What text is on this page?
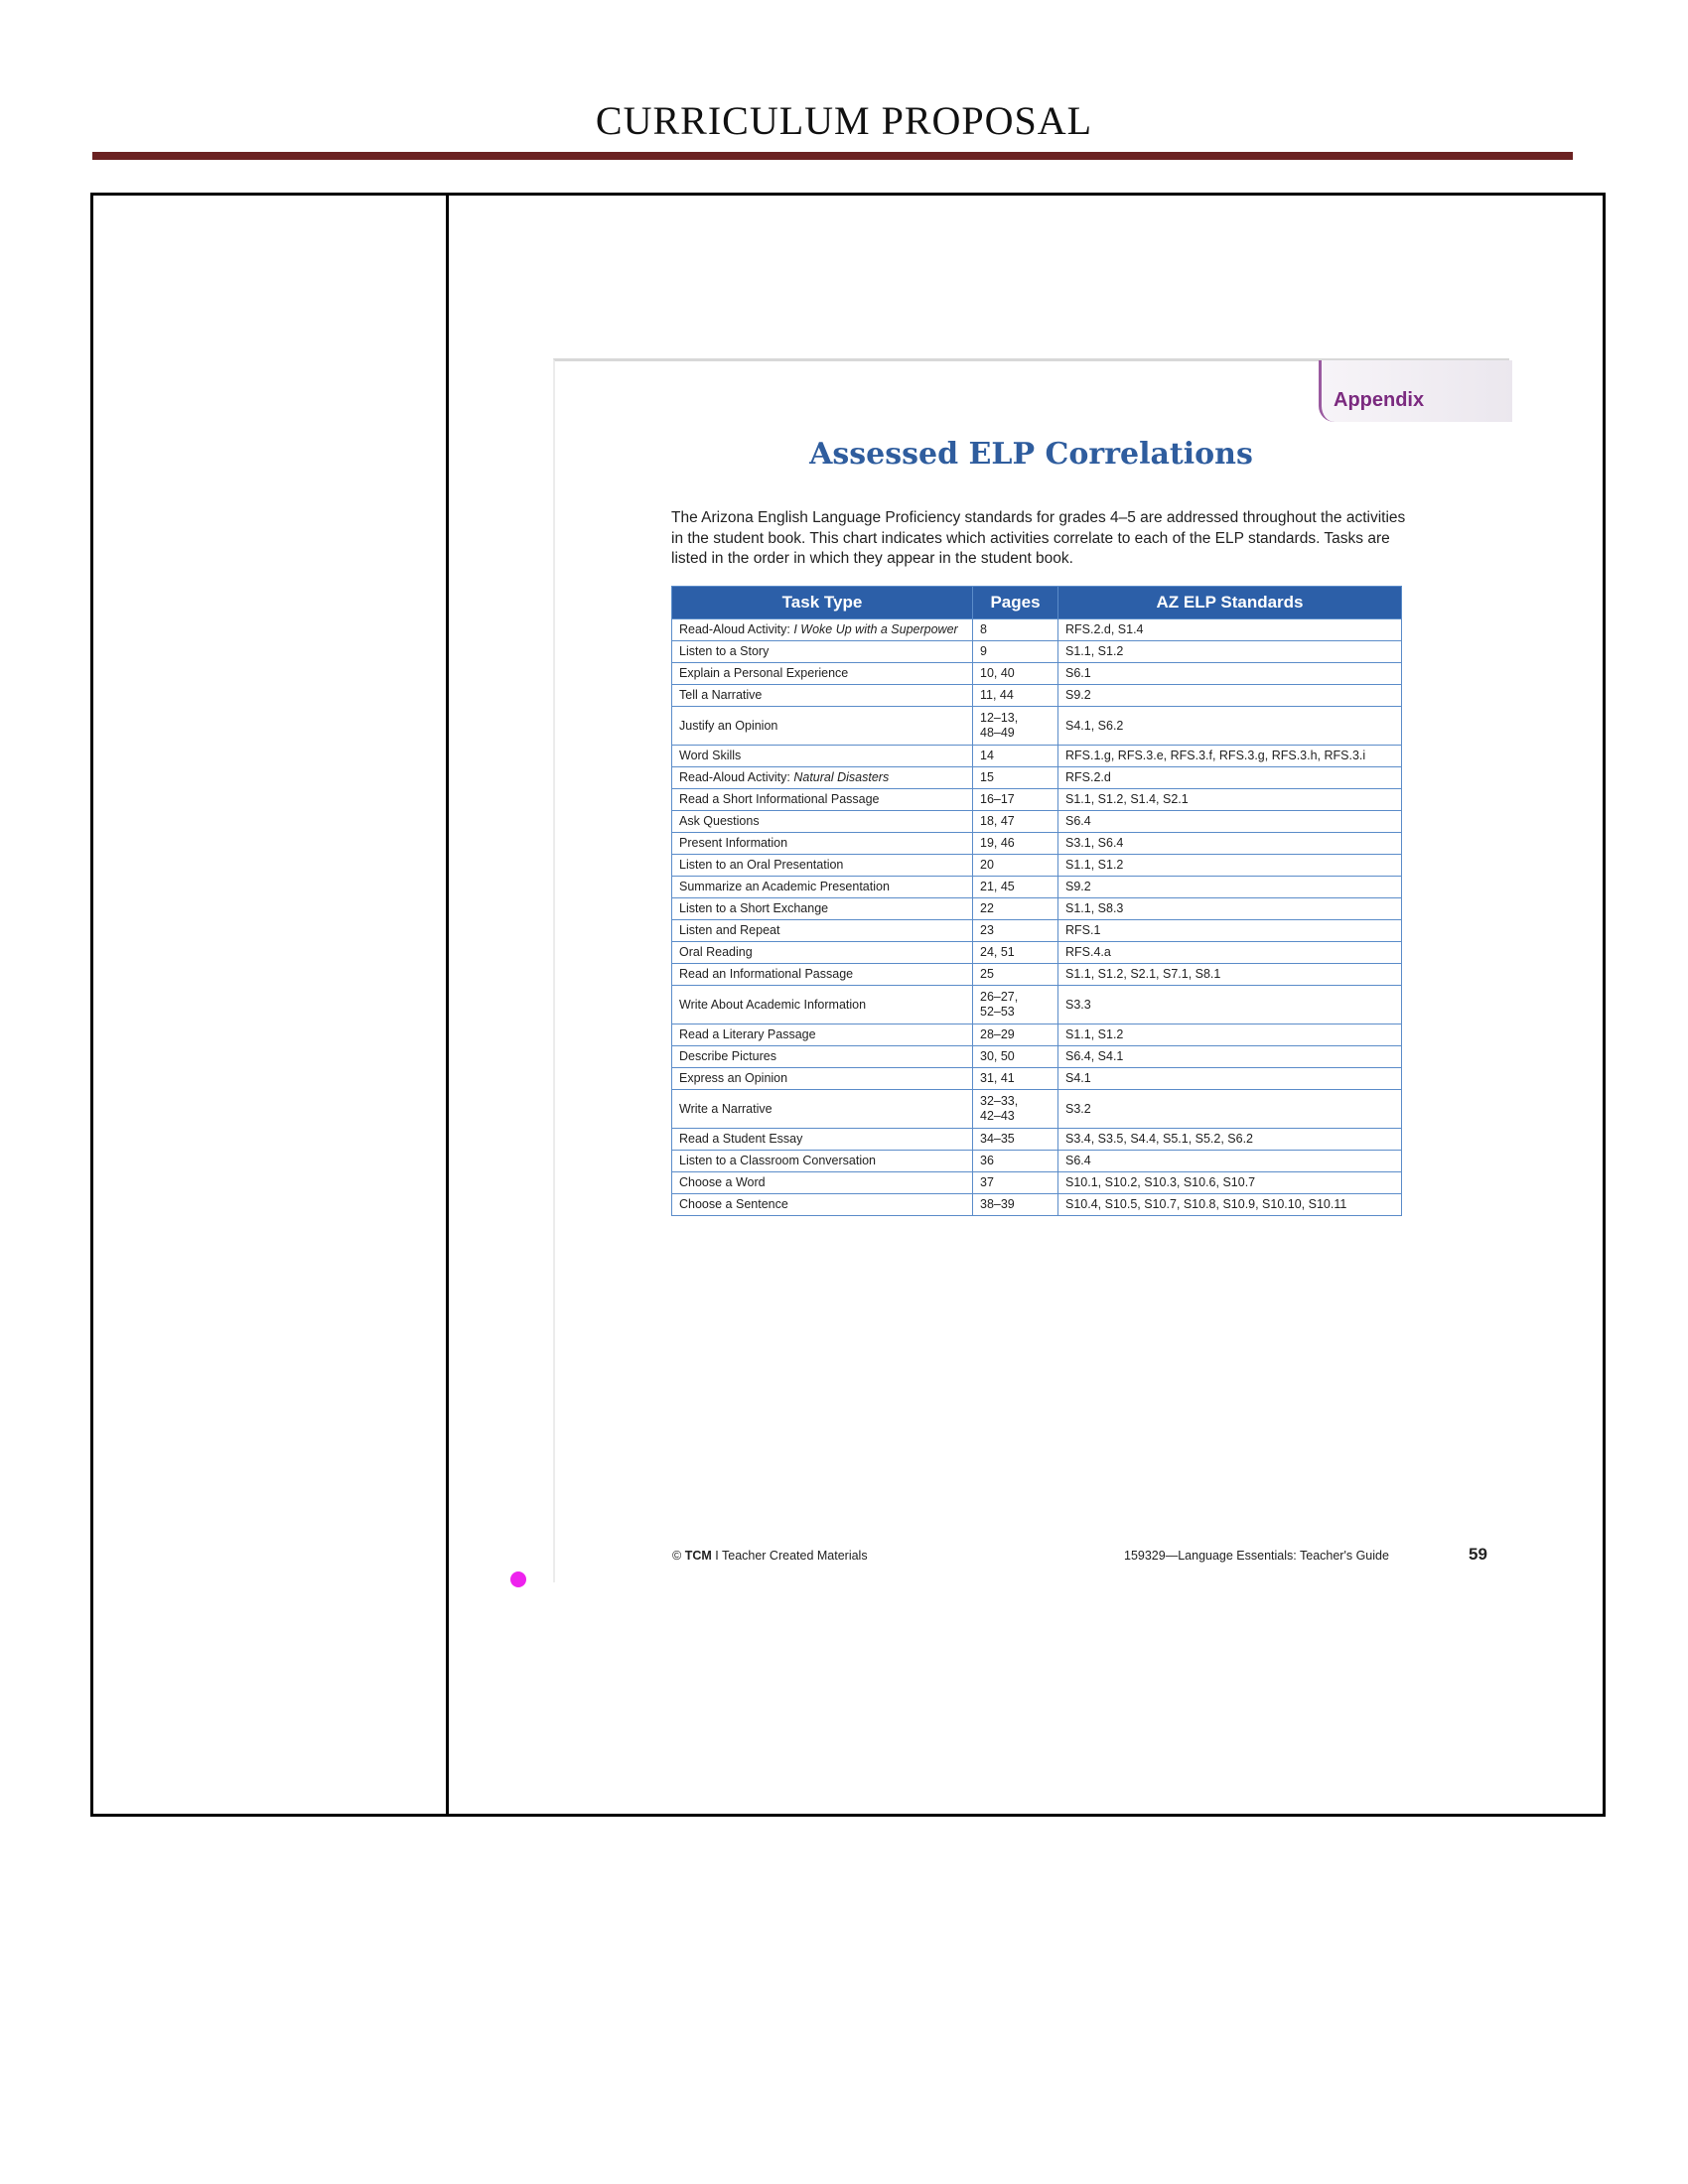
CURRICULUM PROPOSAL
Appendix
Assessed ELP Correlations
The Arizona English Language Proficiency standards for grades 4–5 are addressed throughout the activities in the student book. This chart indicates which activities correlate to each of the ELP standards. Tasks are listed in the order in which they appear in the student book.
Task Type	Pages	AZ ELP Standards
Read-Aloud Activity: I Woke Up with a Superpower	8	RFS.2.d, S1.4
Listen to a Story	9	S1.1, S1.2
Explain a Personal Experience	10, 40	S6.1
Tell a Narrative	11, 44	S9.2
Justify an Opinion	12–13,
48–49	S4.1, S6.2
Word Skills	14	RFS.1.g, RFS.3.e, RFS.3.f, RFS.3.g, RFS.3.h, RFS.3.i
Read-Aloud Activity: Natural Disasters	15	RFS.2.d
Read a Short Informational Passage	16–17	S1.1, S1.2, S1.4, S2.1
Ask Questions	18, 47	S6.4
Present Information	19, 46	S3.1, S6.4
Listen to an Oral Presentation	20	S1.1, S1.2
Summarize an Academic Presentation	21, 45	S9.2
Listen to a Short Exchange	22	S1.1, S8.3
Listen and Repeat	23	RFS.1
Oral Reading	24, 51	RFS.4.a
Read an Informational Passage	25	S1.1, S1.2, S2.1, S7.1, S8.1
Write About Academic Information	26–27,
52–53	S3.3
Read a Literary Passage	28–29	S1.1, S1.2
Describe Pictures	30, 50	S6.4, S4.1
Express an Opinion	31, 41	S4.1
Write a Narrative	32–33,
42–43	S3.2
Read a Student Essay	34–35	S3.4, S3.5, S4.4, S5.1, S5.2, S6.2
Listen to a Classroom Conversation	36	S6.4
Choose a Word	37	S10.1, S10.2, S10.3, S10.6, S10.7
Choose a Sentence	38–39	S10.4, S10.5, S10.7, S10.8, S10.9, S10.10, S10.11
© TCM I Teacher Created Materials	159329—Language Essentials: Teacher's Guide	59
